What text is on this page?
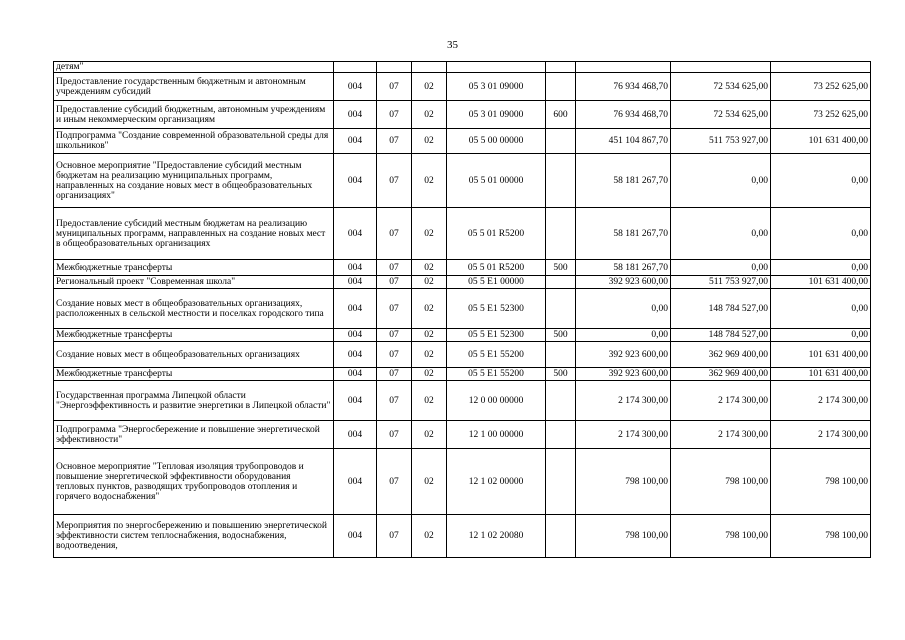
35
детям"								
Предоставление государственным бюджетным и автономным учреждениям субсидий	004	07	02	05 3 01 09000		76 934 468,70	72 534 625,00	73 252 625,00
Предоставление субсидий бюджетным, автономным учреждениям и иным некоммерческим организациям	004	07	02	05 3 01 09000	600	76 934 468,70	72 534 625,00	73 252 625,00
Подпрограмма "Создание современной образовательной среды для школьников"	004	07	02	05 5 00 00000		451 104 867,70	511 753 927,00	101 631 400,00
Основное мероприятие "Предоставление субсидий местным бюджетам на реализацию муниципальных программ, направленных на создание новых мест в общеобразовательных организациях"	004	07	02	05 5 01 00000		58 181 267,70	0,00	0,00
Предоставление субсидий местным бюджетам на реализацию муниципальных программ, направленных на создание новых мест в общеобразовательных организациях	004	07	02	05 5 01 R5200		58 181 267,70	0,00	0,00
Межбюджетные трансферты	004	07	02	05 5 01 R5200	500	58 181 267,70	0,00	0,00
Региональный проект "Современная школа"	004	07	02	05 5 E1 00000		392 923 600,00	511 753 927,00	101 631 400,00
Создание новых мест в общеобразовательных организациях, расположенных в сельской местности и поселках городского типа	004	07	02	05 5 E1 52300		0,00	148 784 527,00	0,00
Межбюджетные трансферты	004	07	02	05 5 E1 52300	500	0,00	148 784 527,00	0,00
Создание новых мест в общеобразовательных организациях	004	07	02	05 5 E1 55200		392 923 600,00	362 969 400,00	101 631 400,00
Межбюджетные трансферты	004	07	02	05 5 E1 55200	500	392 923 600,00	362 969 400,00	101 631 400,00
Государственная программа Липецкой области "Энергоэффективность и развитие энергетики в Липецкой области"	004	07	02	12 0 00 00000		2 174 300,00	2 174 300,00	2 174 300,00
Подпрограмма "Энергосбережение и повышение энергетической эффективности"	004	07	02	12 1 00 00000		2 174 300,00	2 174 300,00	2 174 300,00
Основное мероприятие "Тепловая изоляция трубопроводов и повышение энергетической эффективности оборудования тепловых пунктов, разводящих трубопроводов отопления и горячего водоснабжения"	004	07	02	12 1 02 00000		798 100,00	798 100,00	798 100,00
Мероприятия по энергосбережению и повышению энергетической эффективности систем теплоснабжения, водоснабжения, водоотведения,	004	07	02	12 1 02 20080		798 100,00	798 100,00	798 100,00
